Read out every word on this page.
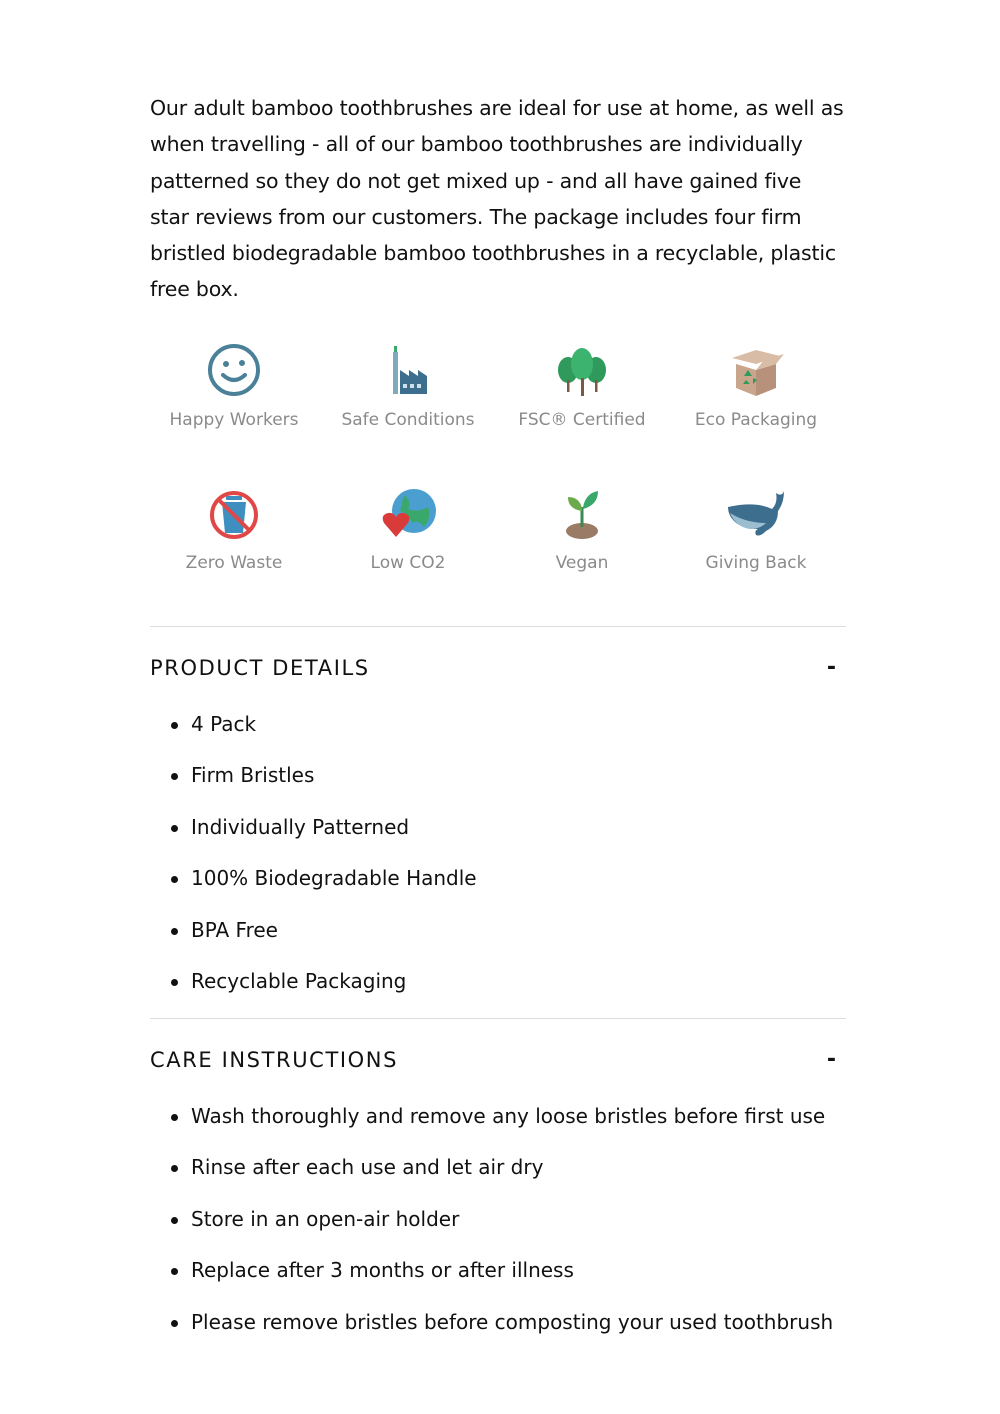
Our adult bamboo toothbrushes are ideal for use at home, as well as when travelling - all of our bamboo toothbrushes are individually patterned so they do not get mixed up - and all have gained five star reviews from our customers. The package includes four firm bristled biodegradable bamboo toothbrushes in a recyclable, plastic free box.

Happy Workers	Safe Conditions	FSC® Certified	Eco Packaging
Zero Waste	Low CO2	Vegan	Giving Back
PRODUCT DETAILS	-
4 Pack
Firm Bristles
Individually Patterned
100% Biodegradable Handle
BPA Free
Recyclable Packaging
CARE INSTRUCTIONS	-
Wash thoroughly and remove any loose bristles before first use
Rinse after each use and let air dry
Store in an open-air holder
Replace after 3 months or after illness
Please remove bristles before composting your used toothbrush
